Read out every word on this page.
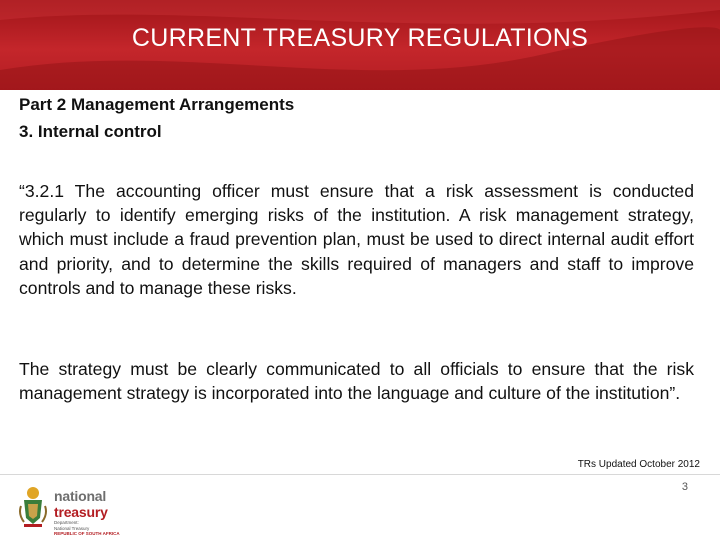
CURRENT TREASURY REGULATIONS
Part 2 Management Arrangements
3. Internal control
“3.2.1 The accounting officer must ensure that a risk assessment is conducted regularly to identify emerging risks of the institution. A risk management strategy, which must include a fraud prevention plan, must be used to direct internal audit effort and priority, and to determine the skills required of managers and staff to improve controls and to manage these risks.
The strategy must be clearly communicated to all officials to ensure that the risk management strategy is incorporated into the language and culture of the institution”.
TRs Updated October 2012
national treasury
Department:
National Treasury
REPUBLIC OF SOUTH AFRICA
3
